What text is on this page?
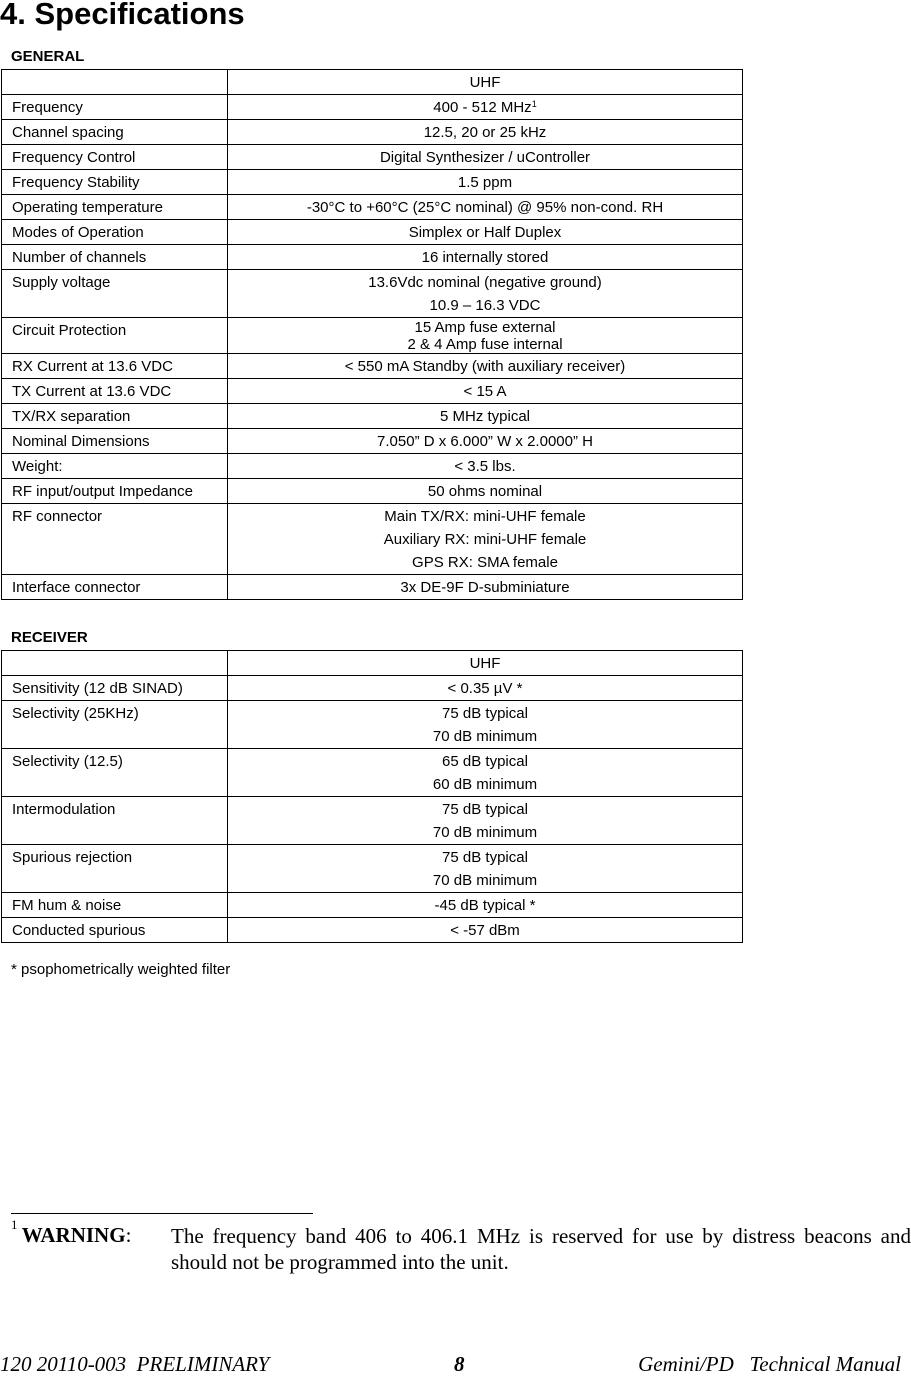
4. Specifications
GENERAL

	UHF

Frequency	400 - 512 MHz$^1$

Channel spacing	12.5, 20 or 25 kHz

Frequency Control	Digital Synthesizer / uController

Frequency Stability	1.5 ppm

Operating temperature	-30°C to +60°C (25°C nominal) @ 95% non-cond. RH

Modes of Operation	Simplex or Half Duplex

Number of channels	16 internally stored

Supply voltage	13.6Vdc nominal (negative ground)
10.9 – 16.3 VDC

Circuit Protection	15 Amp fuse external
2 & 4 Amp fuse internal

RX Current at 13.6 VDC	< 550 mA Standby (with auxiliary receiver)

TX Current at 13.6 VDC	< 15 A

TX/RX separation	5 MHz typical

Nominal Dimensions	7.050” D x 6.000” W x 2.0000” H

Weight:	< 3.5 lbs.

RF input/output Impedance	50 ohms nominal

RF connector	Main TX/RX: mini-UHF female
Auxiliary RX: mini-UHF female
GPS RX: SMA female

Interface connector	3x DE-9F D-subminiature
RECEIVER

	UHF

Sensitivity (12 dB SINAD)	< 0.35 µV *

Selectivity (25KHz)	75 dB typical
70 dB minimum

Selectivity (12.5)	65 dB typical
60 dB minimum

Intermodulation	75 dB typical
70 dB minimum

Spurious rejection	75 dB typical
70 dB minimum

FM hum & noise	-45 dB typical *

Conducted spurious	< -57 dBm
* psophometrically weighted filter
$^1$  WARNING: The frequency band 406 to 406.1 MHz is reserved for use by distress beacons and should not be programmed into the unit.
120 20110-003  PRELIMINARY	8	Gemini/PD   Technical Manual
